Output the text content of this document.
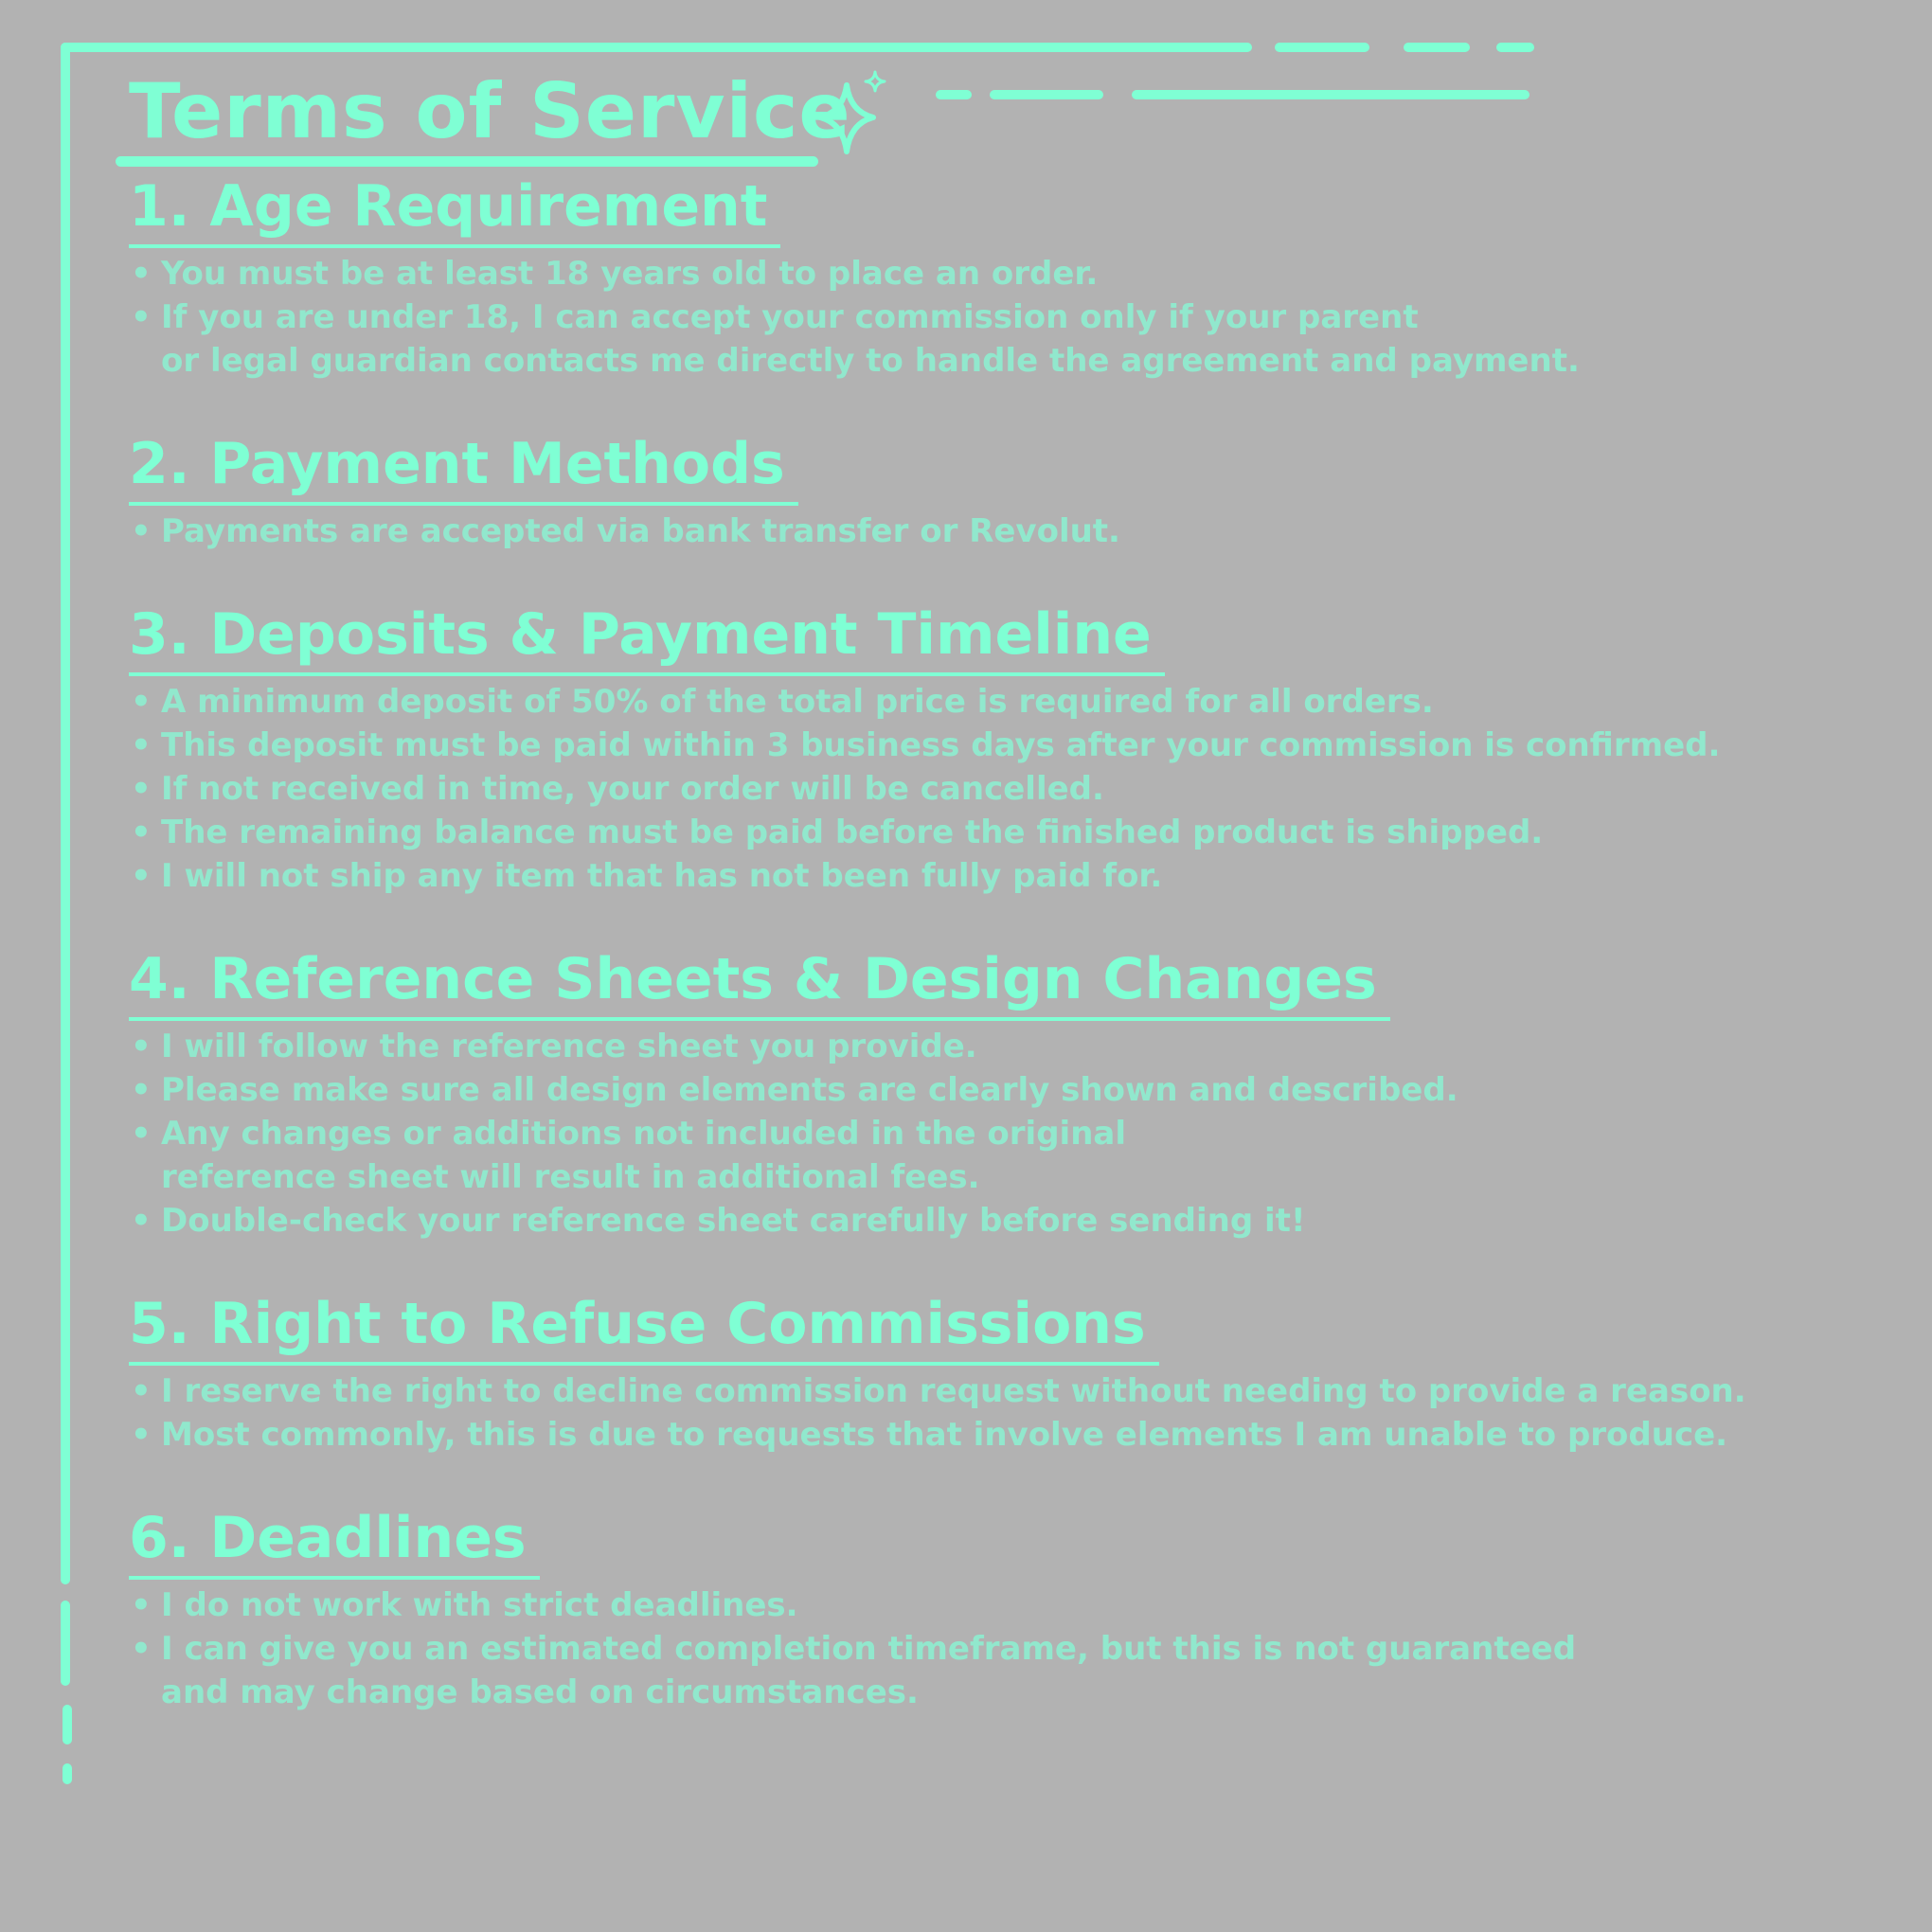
Terms of Service
1. Age Requirement
• You must be at least 18 years old to place an order.
• If you are under 18, I can accept your commission only if your parent
or legal guardian contacts me directly to handle the agreement and payment.
2. Payment Methods
• Payments are accepted via bank transfer or Revolut.
3. Deposits & Payment Timeline
• A minimum deposit of 50% of the total price is required for all orders.
• This deposit must be paid within 3 business days after your commission is confirmed.
• If not received in time, your order will be cancelled.
• The remaining balance must be paid before the finished product is shipped.
• I will not ship any item that has not been fully paid for.
4. Reference Sheets & Design Changes
• I will follow the reference sheet you provide.
• Please make sure all design elements are clearly shown and described.
• Any changes or additions not included in the original
reference sheet will result in additional fees.
• Double-check your reference sheet carefully before sending it!
5. Right to Refuse Commissions
• I reserve the right to decline commission request without needing to provide a reason.
• Most commonly, this is due to requests that involve elements I am unable to produce.
6. Deadlines
• I do not work with strict deadlines.
• I can give you an estimated completion timeframe, but this is not guaranteed
and may change based on circumstances.
